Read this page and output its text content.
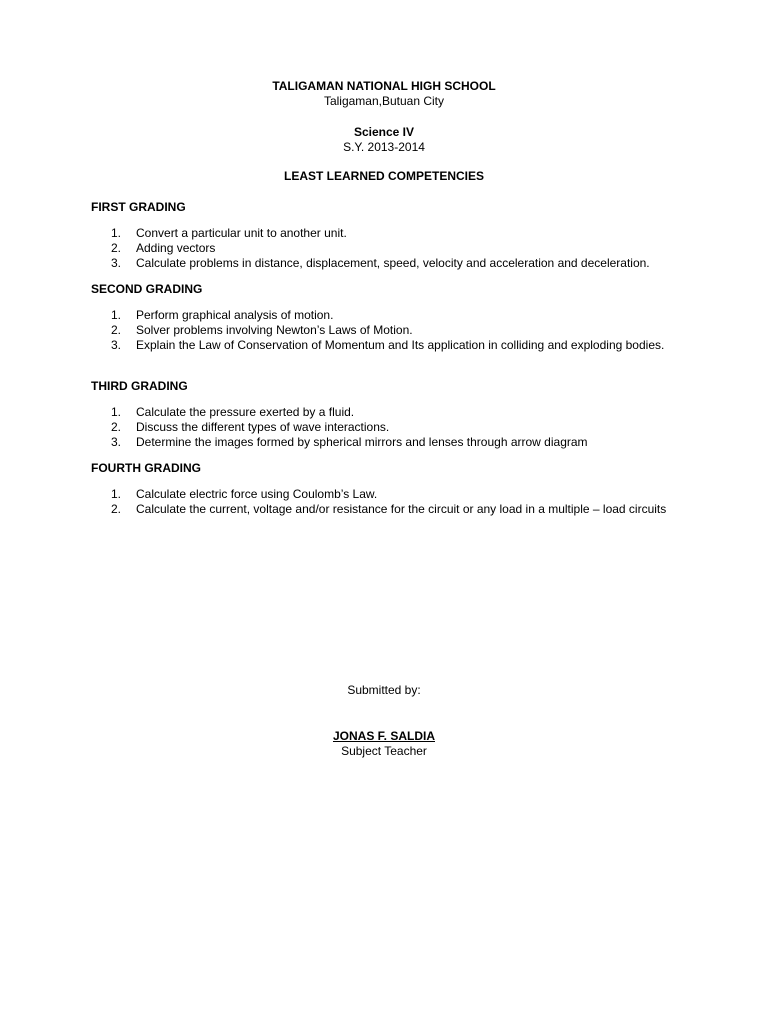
TALIGAMAN NATIONAL HIGH SCHOOL
Taligaman,Butuan City
Science IV
S.Y. 2013-2014
LEAST LEARNED COMPETENCIES
FIRST GRADING
1. Convert a particular unit to another unit.
2. Adding vectors
3. Calculate problems in distance, displacement, speed, velocity and acceleration and deceleration.
SECOND GRADING
1. Perform graphical analysis of motion.
2. Solver problems involving Newton’s Laws of Motion.
3. Explain the Law of Conservation of Momentum and Its application in colliding and exploding bodies.
THIRD GRADING
1. Calculate the pressure exerted by a fluid.
2. Discuss the different types of wave interactions.
3. Determine the images formed by spherical mirrors and lenses through arrow diagram
FOURTH GRADING
1. Calculate electric force using Coulomb’s Law.
2. Calculate the current, voltage and/or resistance for the circuit or any load in a multiple – load circuits
Submitted by:
JONAS F. SALDIA
Subject Teacher
